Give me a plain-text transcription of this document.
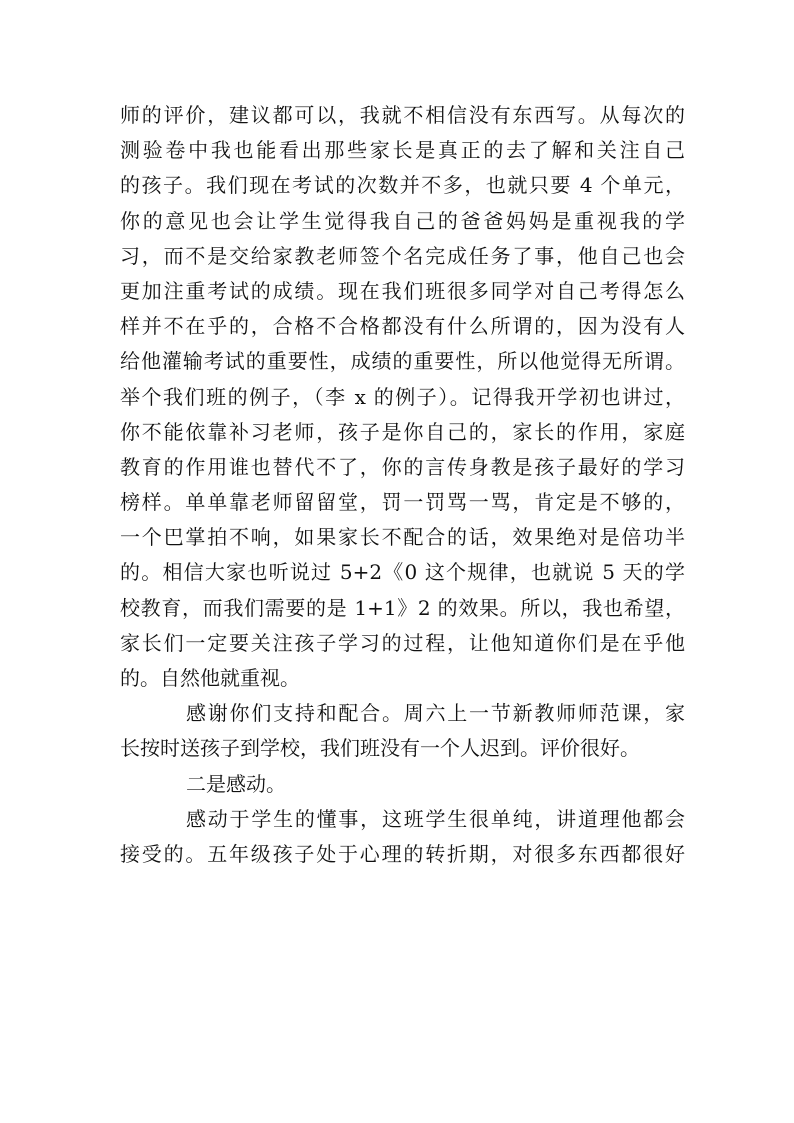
师的评价，建议都可以，我就不相信没有东西写。从每次的
测验卷中我也能看出那些家长是真正的去了解和关注自己
的孩子。我们现在考试的次数并不多，也就只要 4 个单元，
你的意见也会让学生觉得我自己的爸爸妈妈是重视我的学
习，而不是交给家教老师签个名完成任务了事，他自己也会
更加注重考试的成绩。现在我们班很多同学对自己考得怎么
样并不在乎的，合格不合格都没有什么所谓的，因为没有人
给他灌输考试的重要性，成绩的重要性，所以他觉得无所谓。
举个我们班的例子，（李 x 的例子）。记得我开学初也讲过，
你不能依靠补习老师，孩子是你自己的，家长的作用，家庭
教育的作用谁也替代不了，你的言传身教是孩子最好的学习
榜样。单单靠老师留留堂，罚一罚骂一骂，肯定是不够的，
一个巴掌拍不响，如果家长不配合的话，效果绝对是倍功半
的。相信大家也听说过 5+2《0 这个规律，也就说 5 天的学
校教育，而我们需要的是 1+1》2 的效果。所以，我也希望，
家长们一定要关注孩子学习的过程，让他知道你们是在乎他
的。自然他就重视。
感谢你们支持和配合。周六上一节新教师师范课，家
长按时送孩子到学校，我们班没有一个人迟到。评价很好。
二是感动。
感动于学生的懂事，这班学生很单纯，讲道理他都会
接受的。五年级孩子处于心理的转折期，对很多东西都很好
